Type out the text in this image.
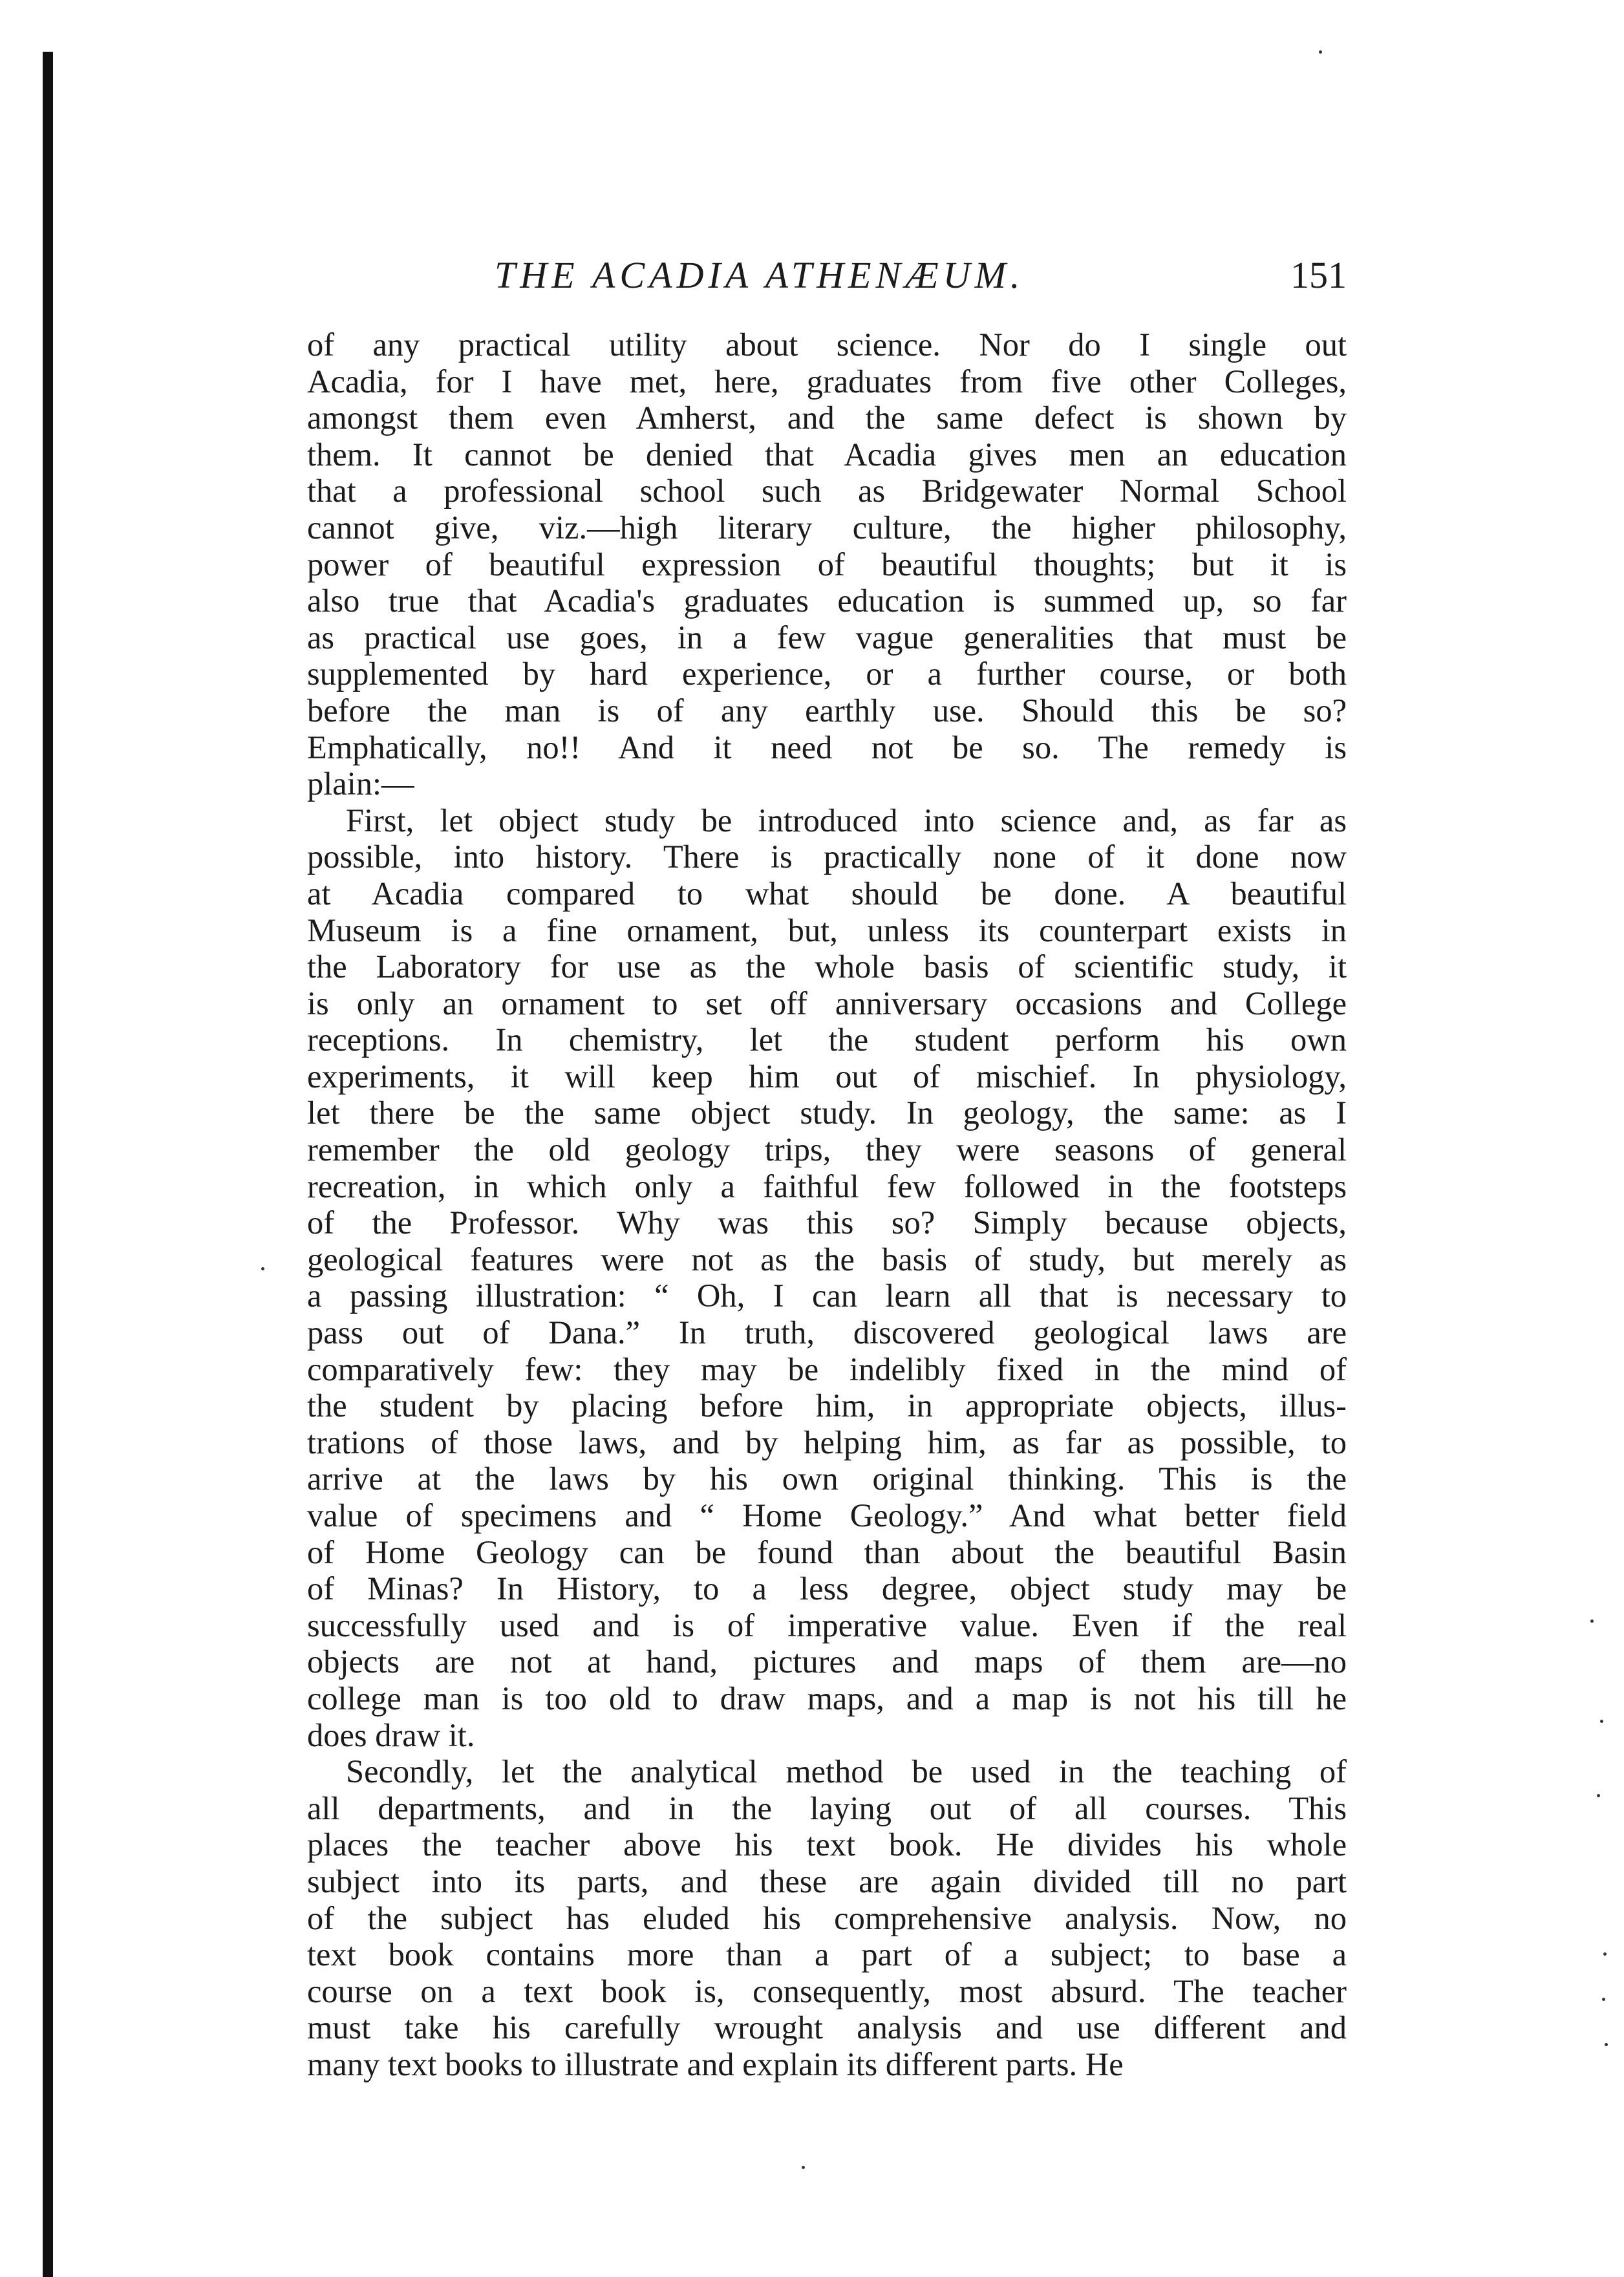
THE ACADIA ATHENÆUM.	151
of any practical utility about science. Nor do I single out
Acadia, for I have met, here, graduates from five other Colleges,
amongst them even Amherst, and the same defect is shown by
them. It cannot be denied that Acadia gives men an education
that a professional school such as Bridgewater Normal School
cannot give, viz.—high literary culture, the higher philosophy,
power of beautiful expression of beautiful thoughts; but it is
also true that Acadia's graduates education is summed up, so far
as practical use goes, in a few vague generalities that must be
supplemented by hard experience, or a further course, or both
before the man is of any earthly use. Should this be so?
Emphatically, no!! And it need not be so. The remedy is
plain:—
First, let object study be introduced into science and, as far as
possible, into history. There is practically none of it done now
at Acadia compared to what should be done. A beautiful
Museum is a fine ornament, but, unless its counterpart exists in
the Laboratory for use as the whole basis of scientific study, it
is only an ornament to set off anniversary occasions and College
receptions. In chemistry, let the student perform his own
experiments, it will keep him out of mischief. In physiology,
let there be the same object study. In geology, the same: as I
remember the old geology trips, they were seasons of general
recreation, in which only a faithful few followed in the footsteps
of the Professor. Why was this so? Simply because objects,
geological features were not as the basis of study, but merely as
a passing illustration: “ Oh, I can learn all that is necessary to
pass out of Dana.” In truth, discovered geological laws are
comparatively few: they may be indelibly fixed in the mind of
the student by placing before him, in appropriate objects, illus-
trations of those laws, and by helping him, as far as possible, to
arrive at the laws by his own original thinking. This is the
value of specimens and “ Home Geology.” And what better field
of Home Geology can be found than about the beautiful Basin
of Minas? In History, to a less degree, object study may be
successfully used and is of imperative value. Even if the real
objects are not at hand, pictures and maps of them are—no
college man is too old to draw maps, and a map is not his till he
does draw it.
Secondly, let the analytical method be used in the teaching of
all departments, and in the laying out of all courses. This
places the teacher above his text book. He divides his whole
subject into its parts, and these are again divided till no part
of the subject has eluded his comprehensive analysis. Now, no
text book contains more than a part of a subject; to base a
course on a text book is, consequently, most absurd. The teacher
must take his carefully wrought analysis and use different and
many text books to illustrate and explain its different parts. He
